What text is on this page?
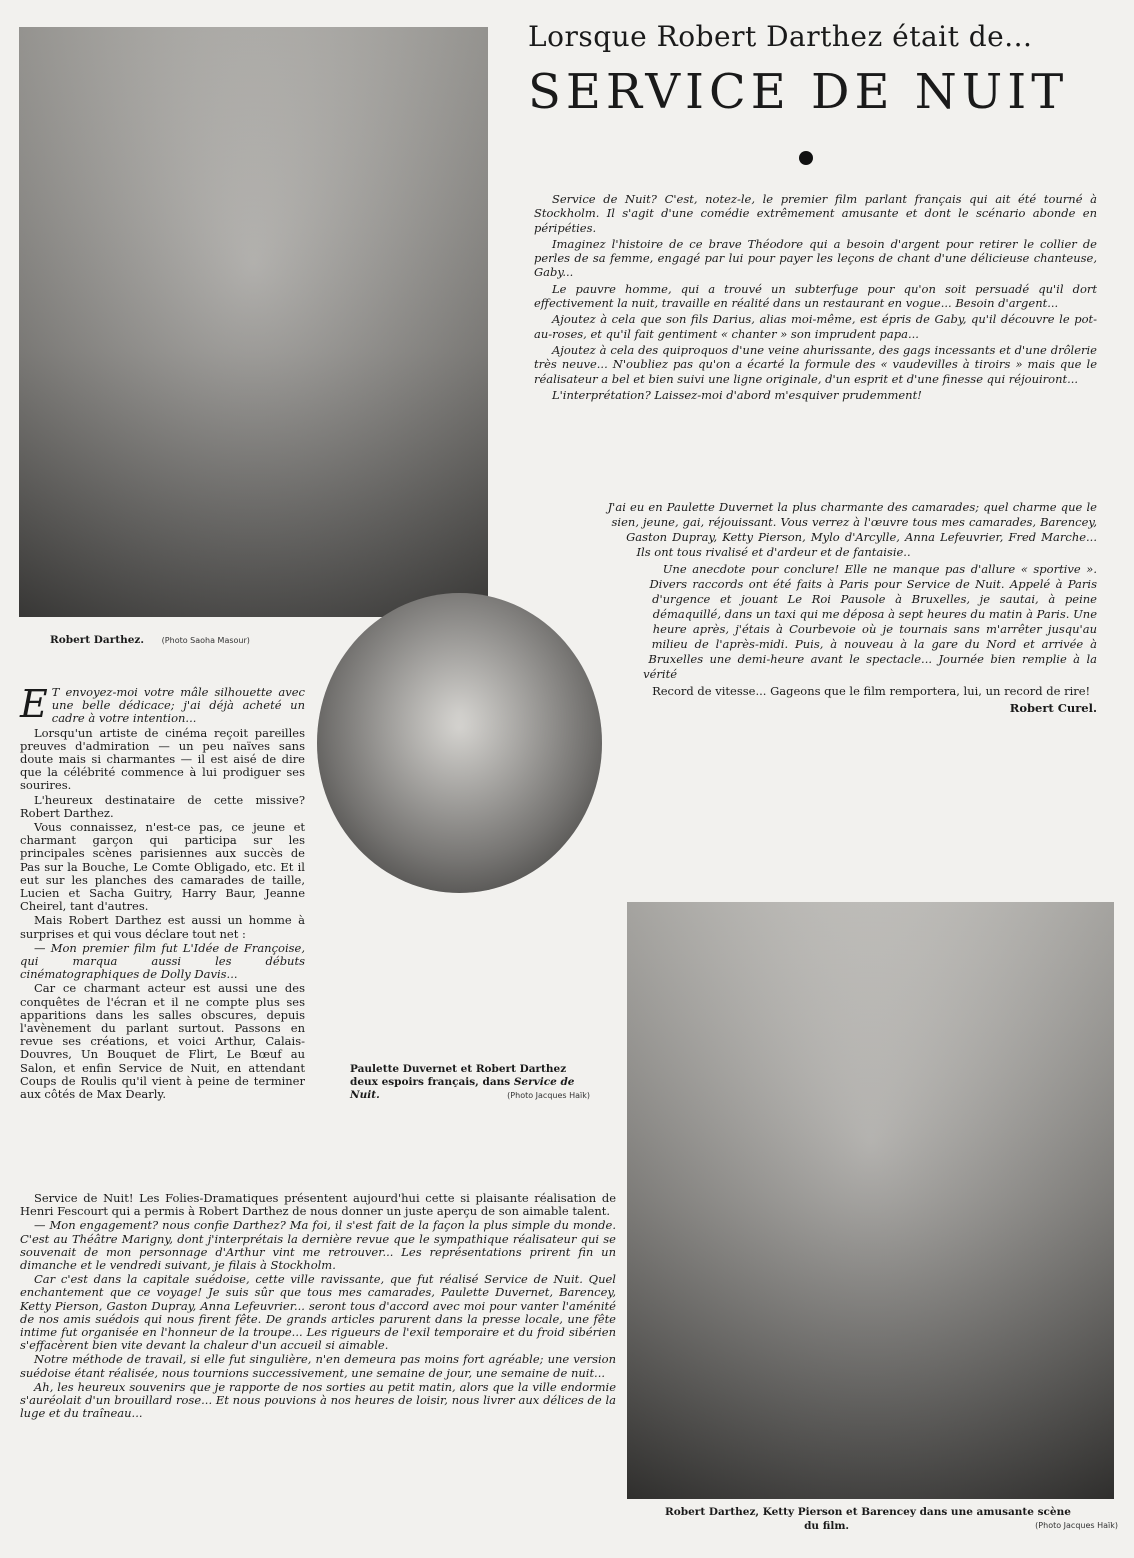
Lorsque Robert Darthez était de...
SERVICE DE NUIT
Robert Darthez. (Photo Saoha Masour)

Service de Nuit? C'est, notez-le, le premier film parlant français qui ait été tourné à Stockholm. Il s'agit d'une comédie extrêmement amusante et dont le scénario abonde en péripéties.

Imaginez l'histoire de ce brave Théodore qui a besoin d'argent pour retirer le collier de perles de sa femme, engagé par lui pour payer les leçons de chant d'une délicieuse chanteuse, Gaby...

Le pauvre homme, qui a trouvé un subterfuge pour qu'on soit persuadé qu'il dort effectivement la nuit, travaille en réalité dans un restaurant en vogue... Besoin d'argent...

Ajoutez à cela que son fils Darius, alias moi-même, est épris de Gaby, qu'il découvre le pot-au-roses, et qu'il fait gentiment « chanter » son imprudent papa...

Ajoutez à cela des quiproquos d'une veine ahurissante, des gags incessants et d'une drôlerie très neuve... N'oubliez pas qu'on a écarté la formule des « vaudevilles à tiroirs » mais que le réalisateur a bel et bien suivi une ligne originale, d'un esprit et d'une finesse qui réjouiront...

L'interprétation? Laissez-moi d'abord m'esquiver prudemment!

J'ai eu en Paulette Duvernet la plus charmante des camarades; quel charme que le sien, jeune, gai, réjouissant. Vous verrez à l'œuvre tous mes camarades, Barencey, Gaston Dupray, Ketty Pierson, Mylo d'Arcylle, Anna Lefeuvrier, Fred Marche... Ils ont tous rivalisé et d'ardeur et de fantaisie..

Une anecdote pour conclure! Elle ne manque pas d'allure « sportive ». Divers raccords ont été faits à Paris pour Service de Nuit. Appelé à Paris d'urgence et jouant Le Roi Pausole à Bruxelles, je sautai, à peine démaquillé, dans un taxi qui me déposa à sept heures du matin à Paris. Une heure après, j'étais à Courbevoie où je tournais sans m'arrêter jusqu'au milieu de l'après-midi. Puis, à nouveau à la gare du Nord et arrivée à Bruxelles une demi-heure avant le spectacle... Journée bien remplie à la vérité

Record de vitesse... Gageons que le film remportera, lui, un record de rire!

Robert Curel.

E T envoyez-moi votre mâle silhouette avec une belle dédicace; j'ai déjà acheté un cadre à votre intention...

Lorsqu'un artiste de cinéma reçoit pareilles preuves d'admiration — un peu naïves sans doute mais si charmantes — il est aisé de dire que la célébrité commence à lui prodiguer ses sourires.

L'heureux destinataire de cette missive? Robert Darthez.

Vous connaissez, n'est-ce pas, ce jeune et charmant garçon qui participa sur les principales scènes parisiennes aux succès de Pas sur la Bouche, Le Comte Obligado, etc. Et il eut sur les planches des camarades de taille, Lucien et Sacha Guitry, Harry Baur, Jeanne Cheirel, tant d'autres.

Mais Robert Darthez est aussi un homme à surprises et qui vous déclare tout net :

— Mon premier film fut L'Idée de Françoise, qui marqua aussi les débuts cinématographiques de Dolly Davis...

Car ce charmant acteur est aussi une des conquêtes de l'écran et il ne compte plus ses apparitions dans les salles obscures, depuis l'avènement du parlant surtout. Passons en revue ses créations, et voici Arthur, Calais-Douvres, Un Bouquet de Flirt, Le Bœuf au Salon, et enfin Service de Nuit, en attendant Coups de Roulis qu'il vient à peine de terminer aux côtés de Max Dearly.

Paulette Duvernet et Robert Darthez
deux espoirs français, dans Service de Nuit.	(Photo Jacques Haïk)

Service de Nuit! Les Folies-Dramatiques présentent aujourd'hui cette si plaisante réalisation de Henri Fescourt qui a permis à Robert Darthez de nous donner un juste aperçu de son aimable talent.

— Mon engagement? nous confie Darthez? Ma foi, il s'est fait de la façon la plus simple du monde. C'est au Théâtre Marigny, dont j'interprétais la dernière revue que le sympathique réalisateur qui se souvenait de mon personnage d'Arthur vint me retrouver... Les représentations prirent fin un dimanche et le vendredi suivant, je filais à Stockholm.

Car c'est dans la capitale suédoise, cette ville ravissante, que fut réalisé Service de Nuit. Quel enchantement que ce voyage! Je suis sûr que tous mes camarades, Paulette Duvernet, Barencey, Ketty Pierson, Gaston Dupray, Anna Lefeuvrier... seront tous d'accord avec moi pour vanter l'aménité de nos amis suédois qui nous firent fête. De grands articles parurent dans la presse locale, une fête intime fut organisée en l'honneur de la troupe... Les rigueurs de l'exil temporaire et du froid sibérien s'effacèrent bien vite devant la chaleur d'un accueil si aimable.

Notre méthode de travail, si elle fut singulière, n'en demeura pas moins fort agréable; une version suédoise étant réalisée, nous tournions successivement, une semaine de jour, une semaine de nuit...

Ah, les heureux souvenirs que je rapporte de nos sorties au petit matin, alors que la ville endormie s'auréolait d'un brouillard rose... Et nous pouvions à nos heures de loisir, nous livrer aux délices de la luge et du traîneau...

Robert Darthez, Ketty Pierson et Barencey dans une amusante scène
du film.	(Photo Jacques Haïk)
